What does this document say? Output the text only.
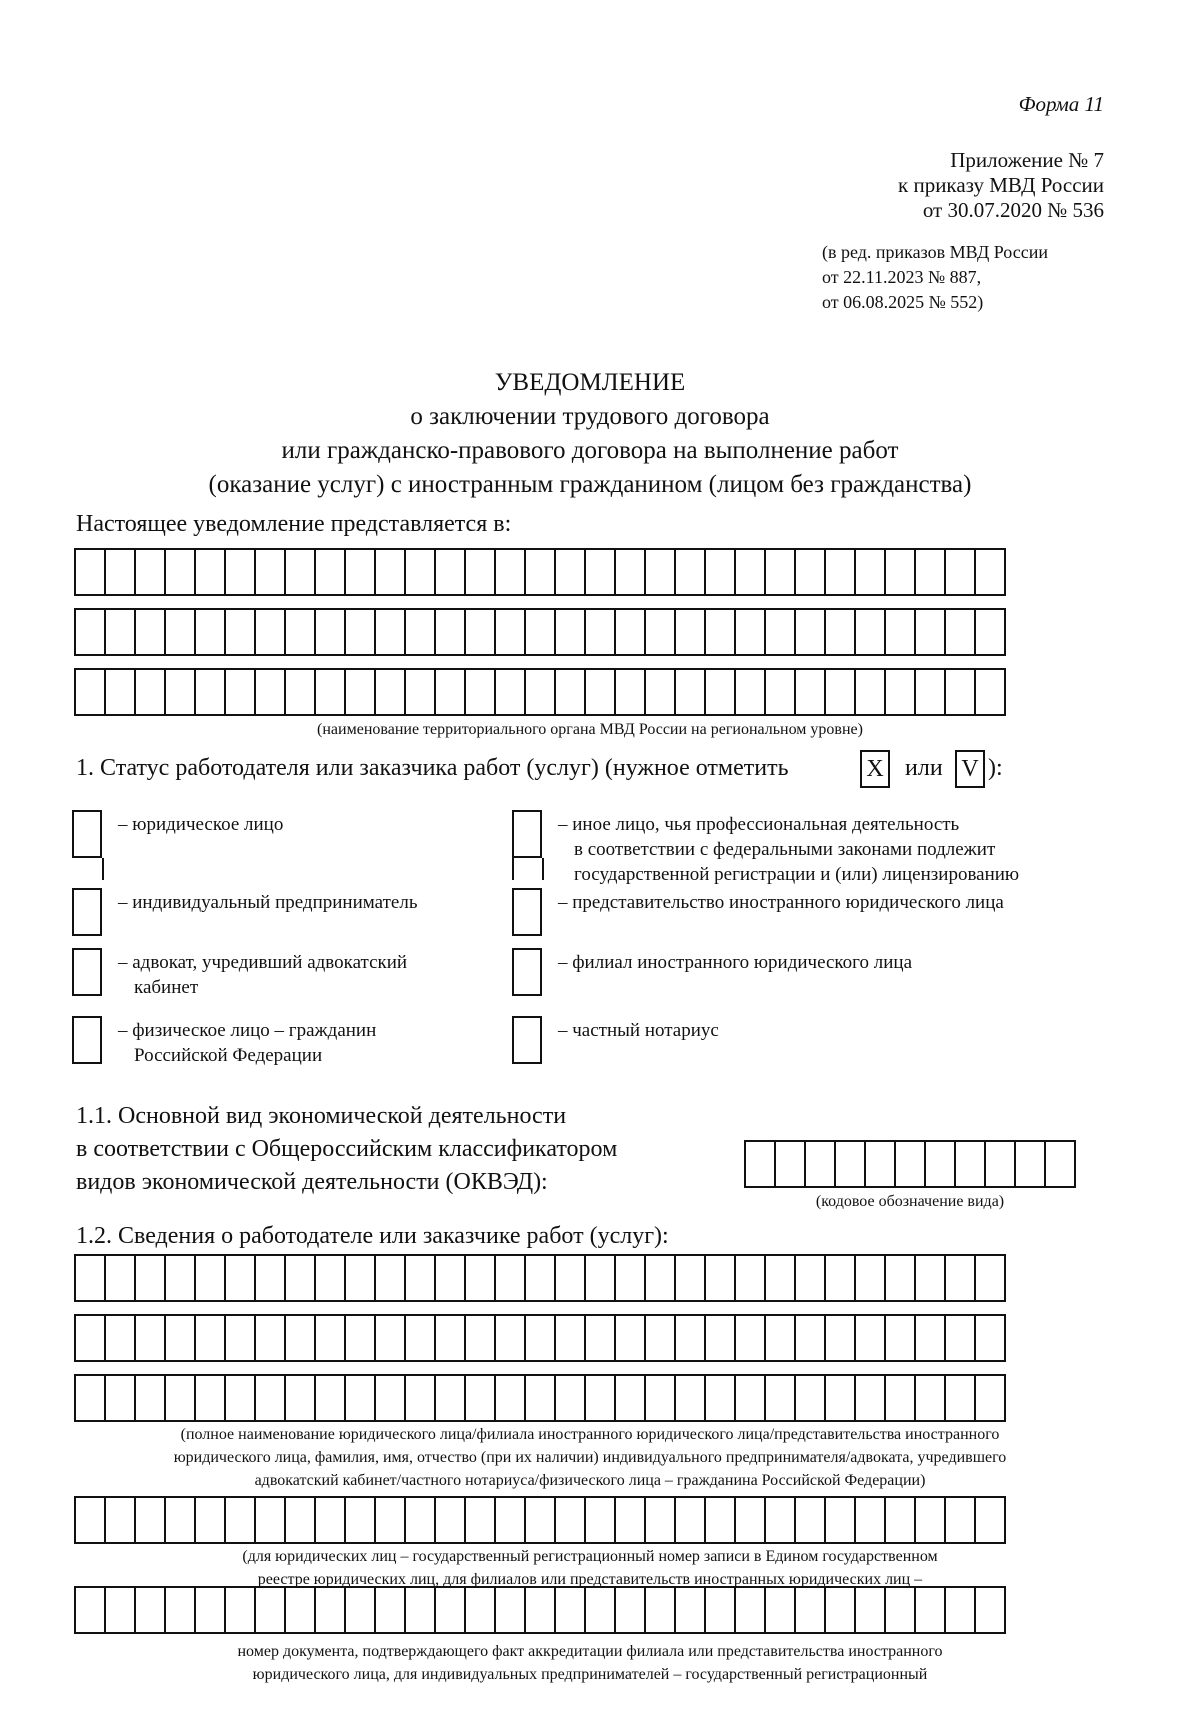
Форма 11
Приложение № 7
к приказу МВД России
от 30.07.2020 № 536
(в ред. приказов МВД России
от 22.11.2023 № 887,
от 06.08.2025 № 552)
УВЕДОМЛЕНИЕ
о заключении трудового договора
или гражданско-правового договора на выполнение работ
(оказание услуг) с иностранным гражданином (лицом без гражданства)
Настоящее уведомление представляется в:
(наименование территориального органа МВД России на региональном уровне)
1. Статус работодателя или заказчика работ (услуг) (нужное отметить	X или V ):
– юридическое лицо
– индивидуальный предприниматель
– адвокат, учредивший адвокатский
кабинет
– физическое лицо – гражданин
Российской Федерации
– иное лицо, чья профессиональная деятельность
в соответствии с федеральными законами подлежит
государственной регистрации и (или) лицензированию
– представительство иностранного юридического лица
– филиал иностранного юридического лица
– частный нотариус
1.1. Основной вид экономической деятельности
в соответствии с Общероссийским классификатором
видов экономической деятельности (ОКВЭД):
(кодовое обозначение вида)
1.2. Сведения о работодателе или заказчике работ (услуг):
(полное наименование юридического лица/филиала иностранного юридического лица/представительства иностранного
юридического лица, фамилия, имя, отчество (при их наличии) индивидуального предпринимателя/адвоката, учредившего
адвокатский кабинет/частного нотариуса/физического лица – гражданина Российской Федерации)
(для юридических лиц – государственный регистрационный номер записи в Едином государственном
реестре юридических лиц, для филиалов или представительств иностранных юридических лиц –
номер документа, подтверждающего факт аккредитации филиала или представительства иностранного
юридического лица, для индивидуальных предпринимателей – государственный регистрационный
